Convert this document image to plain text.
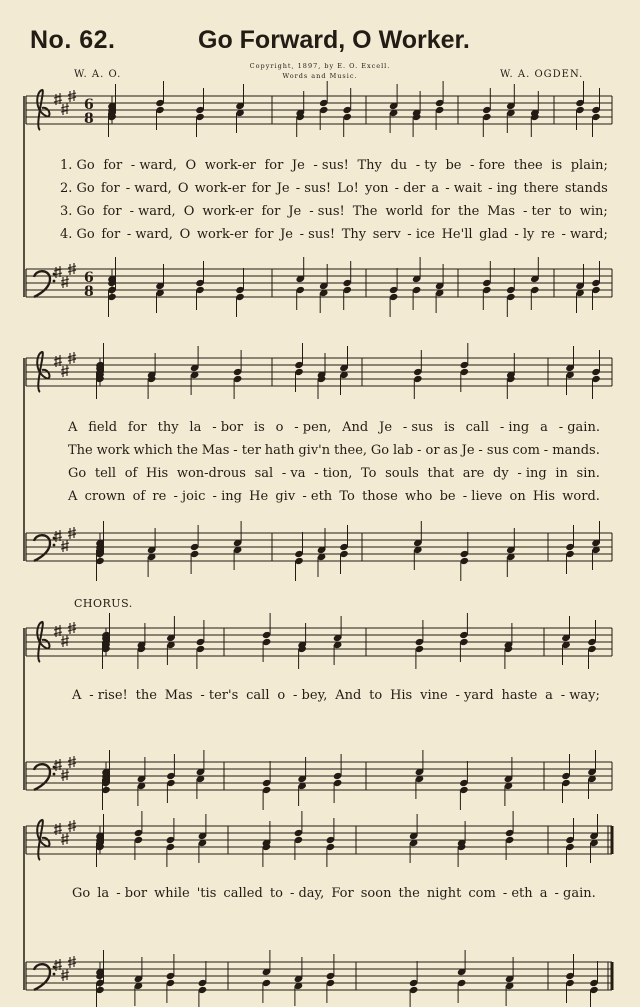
No. 62.	Go Forward, O Worker.
W. A. O.	W. A. OGDEN.
Copyright, 1897, by E. O. Excell.
Words and Music.
6
8
6
8
1. Go for - ward, O work-er for Je - sus! Thy du - ty be - fore thee is plain;
2. Go for - ward, O work-er for Je - sus! Lo! yon - der a - wait - ing there stands
3. Go for - ward, O work-er for Je - sus! The world for the Mas - ter to win;
4. Go for - ward, O work-er for Je - sus! Thy serv - ice He'll glad - ly re - ward;
A field for thy la - bor is o - pen, And Je - sus is call - ing a - gain.
The work which the Mas - ter hath giv'n thee, Go lab - or as Je - sus com - mands.
Go tell of His won-drous sal - va - tion, To souls that are dy - ing in sin.
A crown of re - joic - ing He giv - eth To those who be - lieve on His word.
CHORUS.
A - rise! the Mas - ter's call o - bey, And to His vine - yard haste a - way;
Go la - bor while 'tis called to - day, For soon the night com - eth a - gain.
